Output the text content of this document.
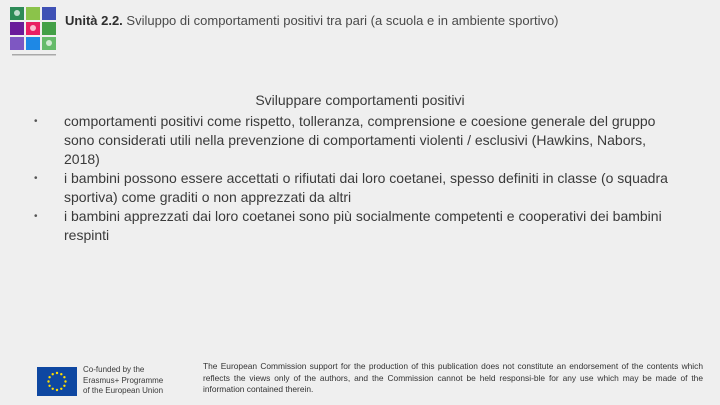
Unità 2.2. Sviluppo di comportamenti positivi tra pari (a scuola e in ambiente sportivo)
Sviluppare comportamenti positivi
• comportamenti positivi come rispetto, tolleranza, comprensione e coesione generale del gruppo sono considerati utili nella prevenzione di comportamenti violenti / esclusivi (Hawkins, Nabors, 2018)
• i bambini possono essere accettati o rifiutati dai loro coetanei, spesso definiti in classe (o squadra sportiva) come graditi o non apprezzati da altri
• i bambini apprezzati dai loro coetanei sono più socialmente competenti e cooperativi dei bambini respinti
Co-funded by the
Erasmus+ Programme
of the European Union
The European Commission support for the production of this publication does not constitute an endorsement of the contents which reflects the views only of the authors, and the Commission cannot be held responsi-ble for any use which may be made of the information contained therein.
